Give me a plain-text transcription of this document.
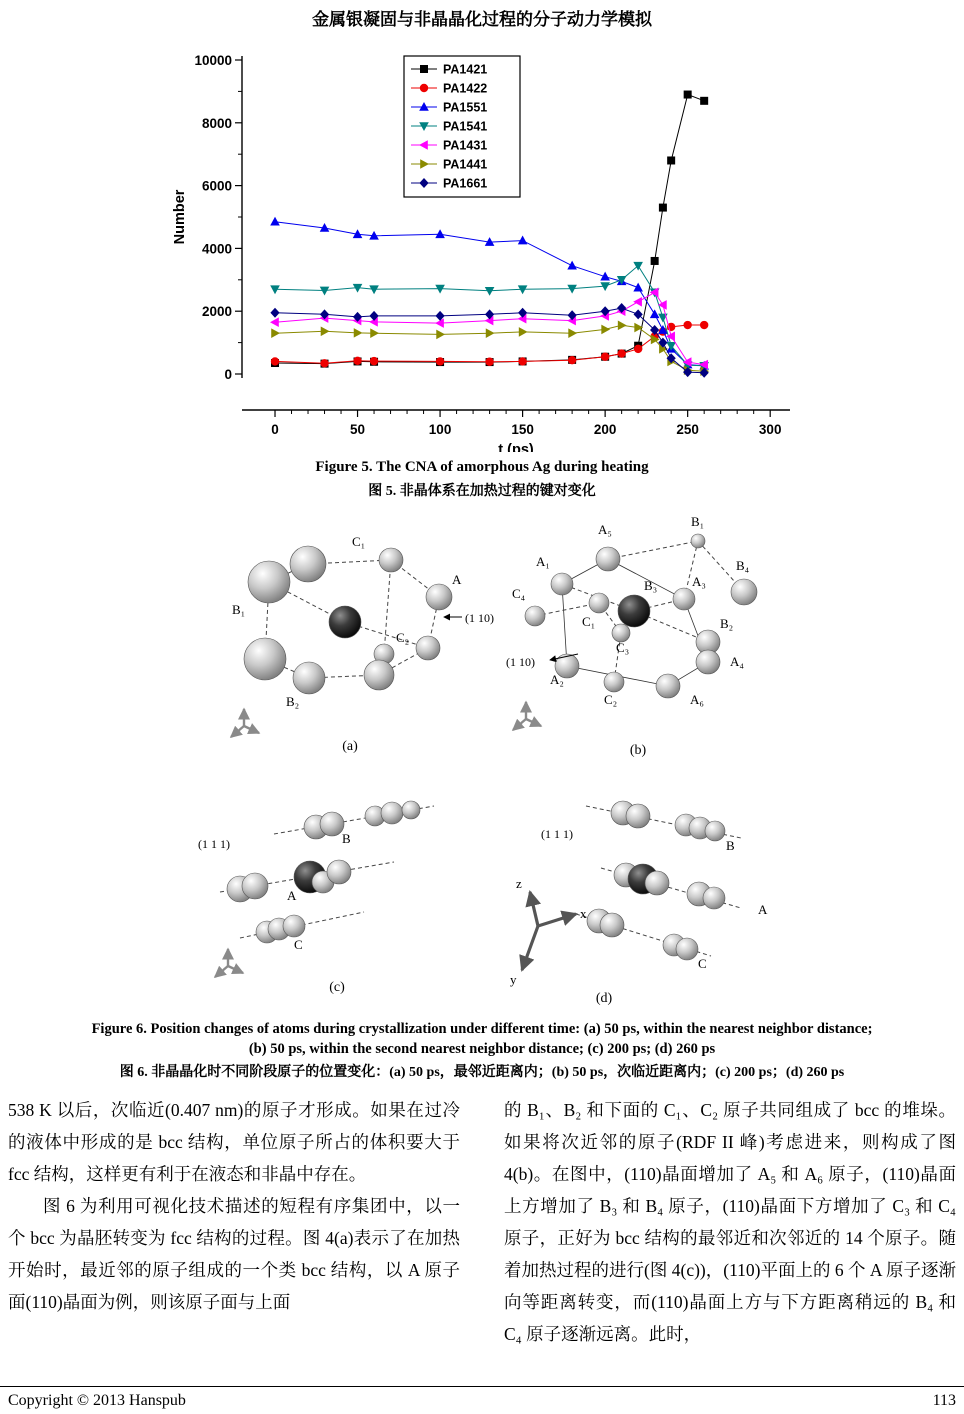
金属银凝固与非晶晶化过程的分子动力学模拟
0
2000
4000
6000
8000
10000
Number
0	50	100	150	200	250	300
t (ps)
PA1421
PA1422
PA1551
PA1541
PA1431
PA1441
PA1661
Figure 5. The CNA of amorphous Ag during heating
图 5. 非晶体系在加热过程的键对变化
C₁
A
B₁
C₂
B₂
(1 10)
(a)
A₅
B₁
A₁	B₄
B₃	A₃
C₄
C₁	B₂
C₃
(1 10)
A₂
A₄
C₂	A₆
(b)
(1 1 1)	B
A
C
(c)
(1 1 1)
B
A
C
z
x
y
(d)
Figure 6. Position changes of atoms during crystallization under different time: (a) 50 ps, within the nearest neighbor distance;
(b) 50 ps, within the second nearest neighbor distance; (c) 200 ps; (d) 260 ps
图 6. 非晶晶化时不同阶段原子的位置变化：(a) 50 ps，最邻近距离内；(b) 50 ps，次临近距离内；(c) 200 ps；(d) 260 ps

538 K 以后，次临近(0.407 nm)的原子才形成。如果在过冷的液体中形成的是 bcc 结构，单位原子所占的体积要大于 fcc 结构，这样更有利于在液态和非晶中存在。

图 6 为利用可视化技术描述的短程有序集团中，以一个 bcc 为晶胚转变为 fcc 结构的过程。图 4(a)表示了在加热开始时，最近邻的原子组成的一个类 bcc 结构，以 A 原子面(110)晶面为例，则该原子面与上面

的 B₁、B₂ 和下面的 C₁、C₂ 原子共同组成了 bcc 的堆垛。如果将次近邻的原子(RDF II 峰)考虑进来，则构成了图 4(b)。在图中，(110)晶面增加了 A₅ 和 A₆ 原子，(110)晶面上方增加了 B₃ 和 B₄ 原子，(110)晶面下方增加了 C₃ 和 C₄ 原子，正好为 bcc 结构的最邻近和次邻近的 14 个原子。随着加热过程的进行(图 4(c))，(110)平面上的 6 个 A 原子逐渐向等距离转变，而(110)晶面上方与下方距离稍远的 B₄ 和 C₄ 原子逐渐远离。此时，

Copyright © 2013 Hanspub	113
